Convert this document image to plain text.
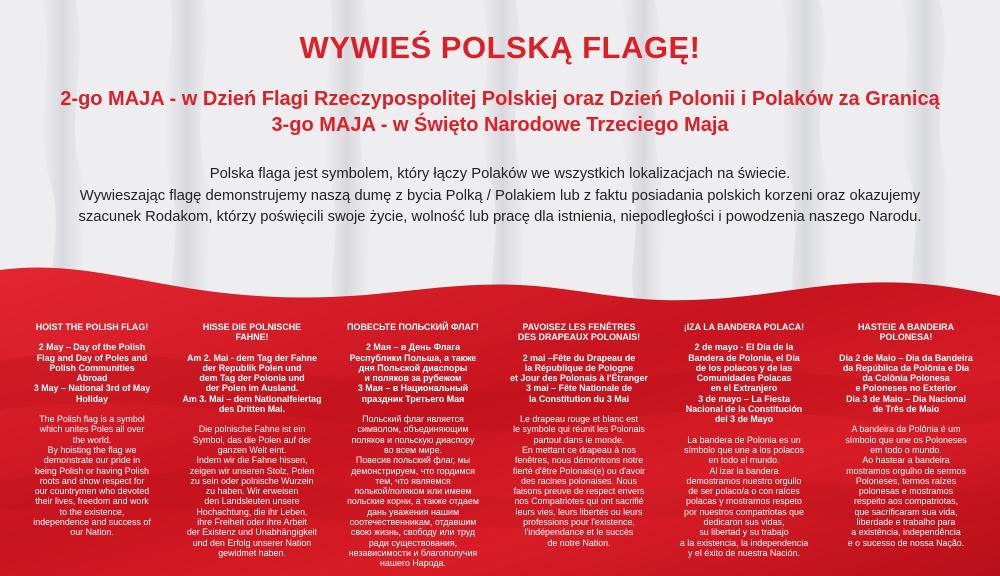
WYWIEŚ POLSKĄ FLAGĘ!
2-go MAJA - w Dzień Flagi Rzeczypospolitej Polskiej oraz Dzień Polonii i Polaków za Granicą
3-go MAJA - w Święto Narodowe Trzeciego Maja
Polska flaga jest symbolem, który łączy Polaków we wszystkich lokalizacjach na świecie.
Wywieszając flagę demonstrujemy naszą dumę z bycia Polką / Polakiem lub z faktu posiadania polskich korzeni oraz okazujemy
szacunek Rodakom, którzy poświęcili swoje życie, wolność lub pracę dla istnienia, niepodległości i powodzenia naszego Narodu.
HOIST THE POLISH FLAG!
2 May – Day of the Polish
Flag and Day of Poles and
Polish Communities
Abroad
3 May – National 3rd of May
Holiday
The Polish flag is a symbol
which unites Poles all over
the world.
By hoisting the flag we
demonstrate our pride in
being Polish or having Polish
roots and show respect for
our countrymen who devoted
their lives, freedom and work
to the existence,
independence and success of
our Nation.
HISSE DIE POLNISCHE
FAHNE!
Am 2. Mai - dem Tag der Fahne
der Republik Polen und
dem Tag der Polonia und
der Polen im Ausland.
Am 3. Mai – dem Nationalfeiertag
des Dritten Mai.
Die polnische Fahne ist ein
Symbol, das die Polen auf der
ganzen Welt eint.
Indem wir die Fahne hissen,
zeigen wir unseren Stolz, Polen
zu sein oder polnische Wurzeln
zu haben. Wir erweisen
den Landsleuten unsere
Hochachtung, die ihr Leben,
ihre Freiheit oder ihre Arbeit
der Existenz und Unabhängigkeit
und den Erfolg unserer Nation
gewidmet haben.
ПОВЕСЬТЕ ПОЛЬСКИЙ ФЛАГ!
2 Мая – в День Флага
Республики Польша, а также
дня Польской диаспоры
и поляков за рубежом
3 Мая – в Национальный
праздник Третьего Мая
Польский флаг является
символом, объединяющим
поляков и польскую диаспору
во всем мире.
Повесив польский флаг, мы
демонстрируем, что гордимся
тем, что являемся
полькой/поляком или имеем
польские корни, а также отдаем
дань уважения нашим
соотечественникам, отдавшим
свою жизнь, свободу или труд
ради существования,
независимости и благополучия
нашего Народа.
PAVOISEZ LES FENÊTRES
DES DRAPEAUX POLONAIS!
2 mai –Fête du Drapeau de
la République de Pologne
et Jour des Polonais à l'Étranger
3 mai – Fête Nationale de
la Constitution du 3 Mai
Le drapeau rouge et blanc est
le symbole qui réunit les Polonais
partout dans le monde.
En mettant ce drapeau à nos
fenêtres, nous démontrons notre
fierté d'être Polonais(e) ou d'avoir
des racines polonaises. Nous
faisons preuve de respect envers
nos Compatriotes qui ont sacrifié
leurs vies, leurs libertés ou leurs
professions pour l'existence,
l'indépendance et le succès
de notre Nation.
¡IZA LA BANDERA POLACA!
2 de mayo - El Día de la
Bandera de Polonia, el Día
de los polacos y de las
Comunidades Polacas
en el Extranjero
3 de mayo – La Fiesta
Nacional de la Constitución
del 3 de Mayo
La bandera de Polonia es un
símbolo que une a los polacos
en todo el mundo.
Al izar la bandera
demostramos nuestro orgullo
de ser polaco/a o con raíces
polacas y mostramos respeto
por nuestros compatriotas que
dedicaron sus vidas,
su libertad y su trabajo
a la existencia, la independencia
y el éxito de nuestra Nación.
HASTEIE A BANDEIRA
POLONESA!
Dia 2 de Maio – Dia da Bandeira
da República da Polônia e Dia
da Colônia Polonesa
e Poloneses no Exterior
Dia 3 de Maio – Dia Nacional
de Três de Maio
A bandeira da Polônia é um
símbolo que une os Poloneses
em todo o mundo.
Ao hastear a bandeira
mostramos orgulho de sermos
Poloneses, termos raízes
polonesas e mostramos
respeito aos compatriotas,
que sacrificaram sua vida,
liberdade e trabalho para
a existência, independência
e o sucesso de nossa Nação.
